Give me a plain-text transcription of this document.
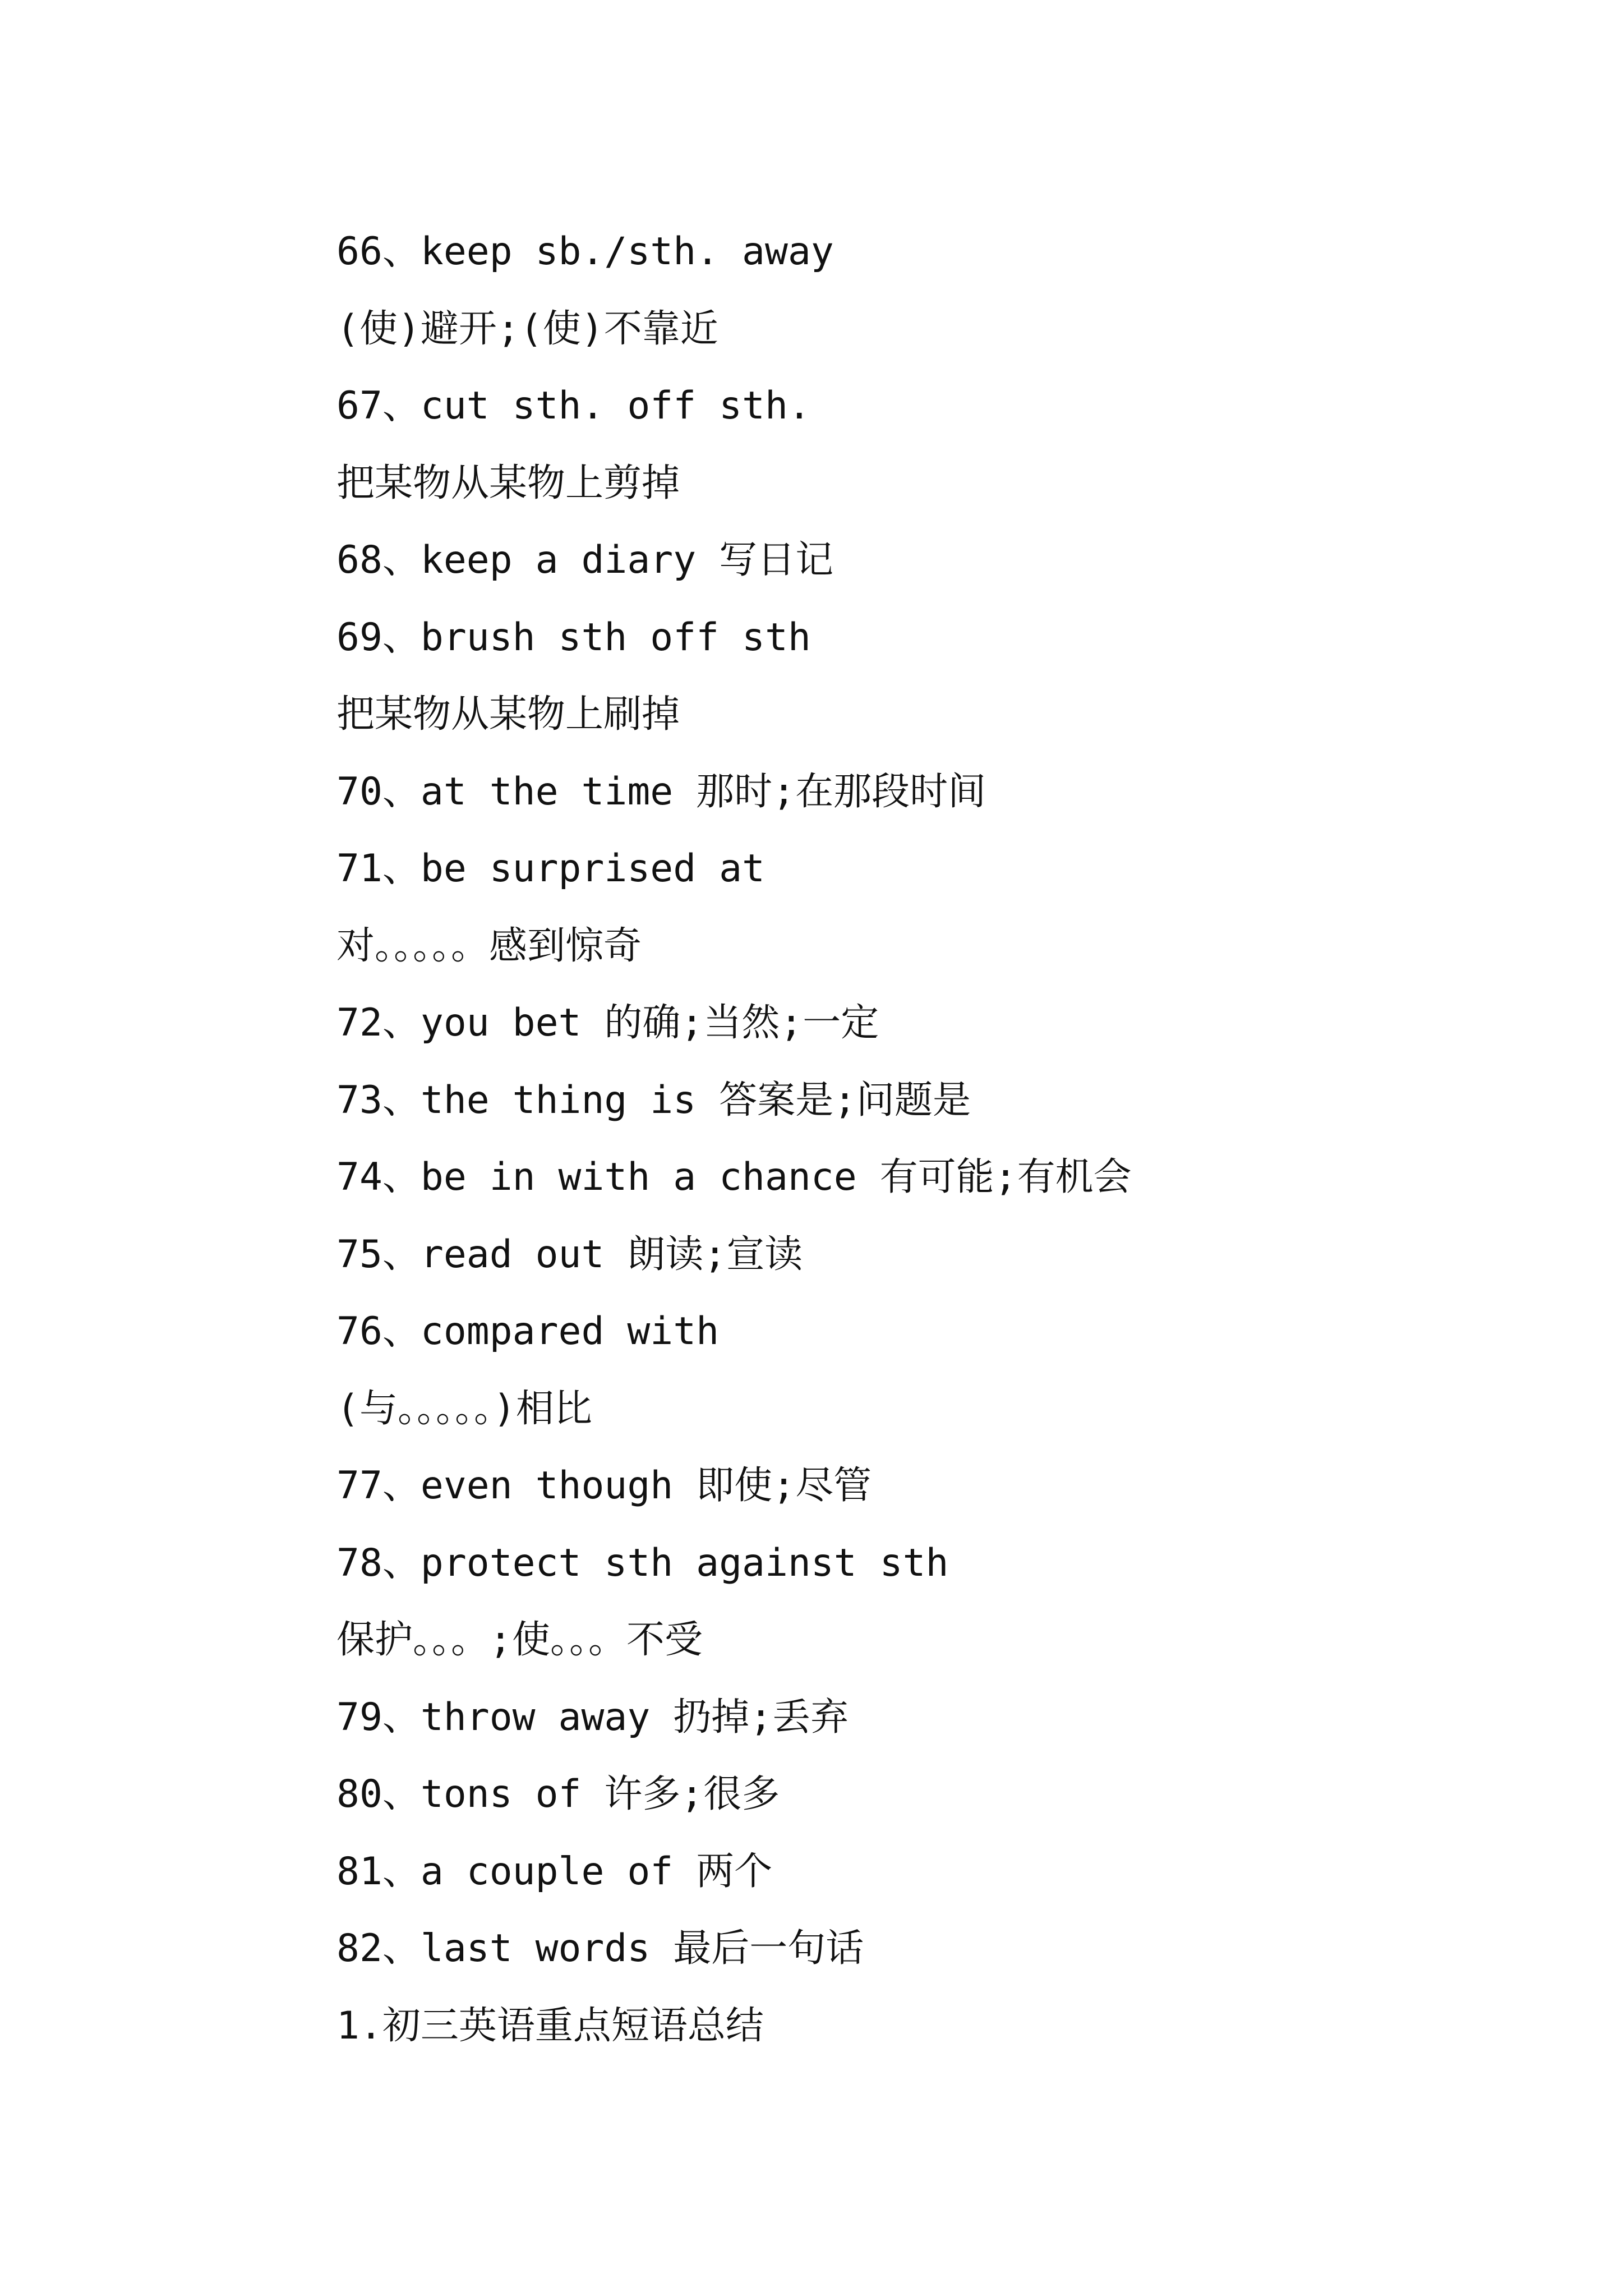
66、keep sb./sth. away
(使)避开;(使)不靠近
67、cut sth. off sth.
把某物从某物上剪掉
68、keep a diary 写日记
69、brush sth off sth
把某物从某物上刷掉
70、at the time 那时;在那段时间
71、be surprised at
对。。。。。感到惊奇
72、you bet 的确;当然;一定
73、the thing is 答案是;问题是
74、be in with a chance 有可能;有机会
75、read out 朗读;宣读
76、compared with
(与。。。。。)相比
77、even though 即使;尽管
78、protect sth against sth
保护。。。;使。。。不受
79、throw away 扔掉;丢弃
80、tons of 许多;很多
81、a couple of 两个
82、last words 最后一句话
1.初三英语重点短语总结
